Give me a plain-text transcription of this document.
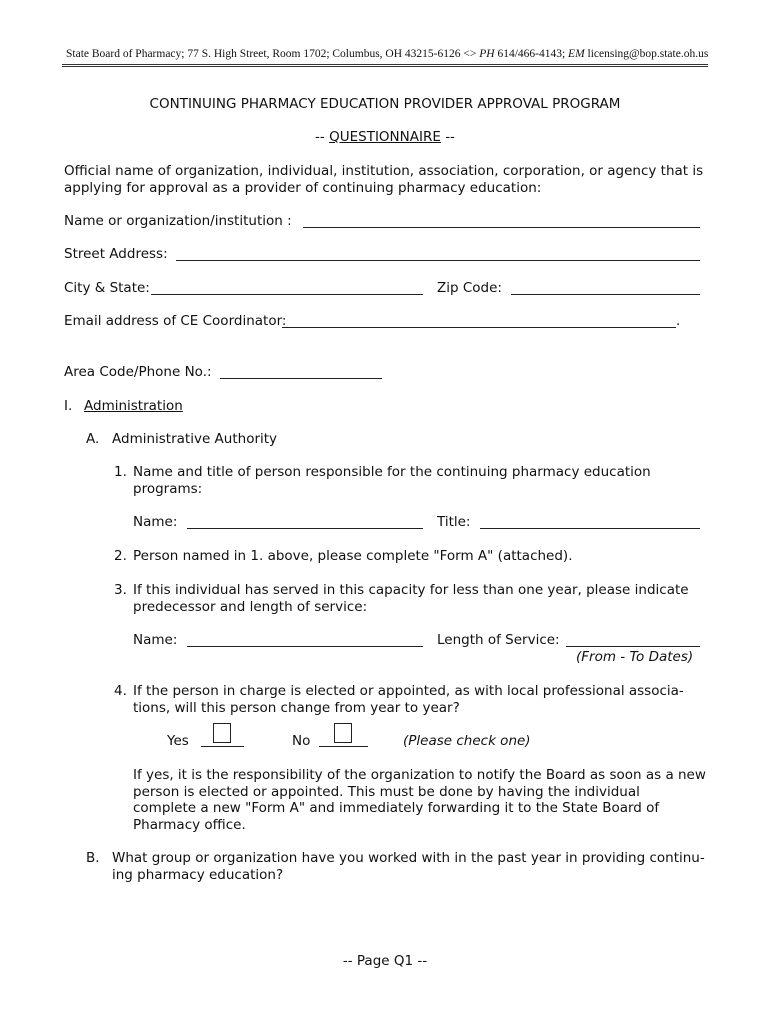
State Board of Pharmacy; 77 S. High Street, Room 1702; Columbus, OH 43215-6126 <> PH 614/466-4143; EM licensing@bop.state.oh.us
CONTINUING PHARMACY EDUCATION PROVIDER APPROVAL PROGRAM
-- QUESTIONNAIRE --
Official name of organization, individual, institution, association, corporation, or agency that is
applying for approval as a provider of continuing pharmacy education:
Name or organization/institution :
Street Address:
City & State:	Zip Code:
Email address of CE Coordinator:	.
Area Code/Phone No.:
I. Administration
A. Administrative Authority
1. Name and title of person responsible for the continuing pharmacy education
programs:
Name:	Title:
2. Person named in 1. above, please complete "Form A" (attached).
3. If this individual has served in this capacity for less than one year, please indicate
predecessor and length of service:
Name:	Length of Service:
(From - To Dates)
4. If the person in charge is elected or appointed, as with local professional associa-
tions, will this person change from year to year?
Yes	No	(Please check one)
If yes, it is the responsibility of the organization to notify the Board as soon as a new
person is elected or appointed. This must be done by having the individual
complete a new "Form A" and immediately forwarding it to the State Board of
Pharmacy office.
B. What group or organization have you worked with in the past year in providing continu-
ing pharmacy education?
-- Page Q1 --
